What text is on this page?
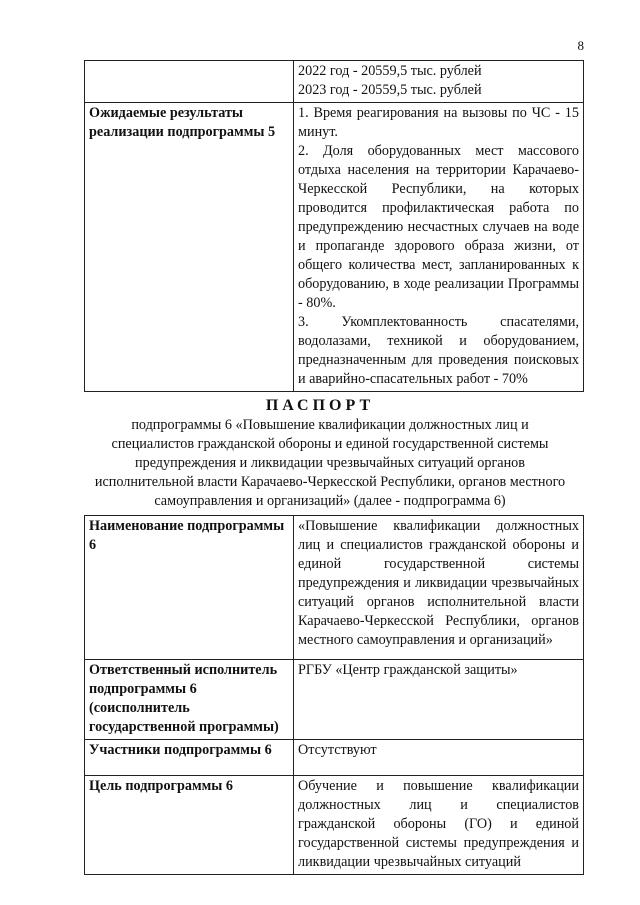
8

	2022 год - 20559,5 тыс. рублей
2023 год - 20559,5 тыс. рублей

Ожидаемые результаты реализации подпрограммы 5	1. Время реагирования на вызовы по ЧС - 15 минут.
2. Доля оборудованных мест массового отдыха населения на территории Карачаево-Черкесской Республики, на которых проводится профилактическая работа по предупреждению несчастных случаев на воде и пропаганде здорового образа жизни, от общего количества мест, запланированных к оборудованию, в ходе реализации Программы - 80%.
3. Укомплектованность спасателями, водолазами, техникой и оборудованием, предназначенным для проведения поисковых и аварийно-спасательных работ - 70%
ПАСПОРТ
подпрограммы 6 «Повышение квалификации должностных лиц и специалистов гражданской обороны и единой государственной системы предупреждения и ликвидации чрезвычайных ситуаций органов исполнительной власти Карачаево-Черкесской Республики, органов местного самоуправления и организаций» (далее - подпрограмма 6)
Наименование подпрограммы 6	«Повышение квалификации должностных лиц и специалистов гражданской обороны и единой государственной системы предупреждения и ликвидации чрезвычайных ситуаций органов исполнительной власти Карачаево-Черкесской Республики, органов местного самоуправления и организаций»
Ответственный исполнитель подпрограммы 6 (соисполнитель государственной программы)	РГБУ «Центр гражданской защиты»
Участники подпрограммы 6	Отсутствуют
Цель подпрограммы 6	Обучение и повышение квалификации должностных лиц и специалистов гражданской обороны (ГО) и единой государственной системы предупреждения и ликвидации чрезвычайных ситуаций
